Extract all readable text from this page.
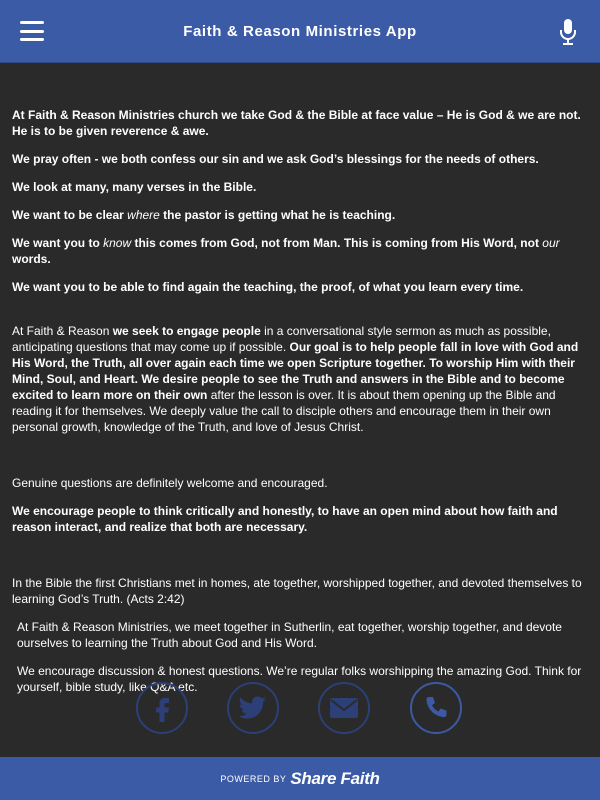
Faith & Reason Ministries App

At Faith & Reason Ministries church we take God & the Bible at face value – He is God & we are not. He is to be given reverence & awe.

We pray often - we both confess our sin and we ask God’s blessings for the needs of others.

We look at many, many verses in the Bible.

We want to be clear where the pastor is getting what he is teaching.

We want you to know this comes from God, not from Man. This is coming from His Word, not our words.

We want you to be able to find again the teaching, the proof, of what you learn every time.

At Faith & Reason we seek to engage people in a conversational style sermon as much as possible, anticipating questions that may come up if possible. Our goal is to help people fall in love with God and His Word, the Truth, all over again each time we open Scripture together. To worship Him with their Mind, Soul, and Heart. We desire people to see the Truth and answers in the Bible and to become excited to learn more on their own after the lesson is over. It is about them opening up the Bible and reading it for themselves. We deeply value the call to disciple others and encourage them in their own personal growth, knowledge of the Truth, and love of Jesus Christ.

Genuine questions are definitely welcome and encouraged.

We encourage people to think critically and honestly, to have an open mind about how faith and reason interact, and realize that both are necessary.

In the Bible the first Christians met in homes, ate together, worshipped together, and devoted themselves to learning God’s Truth. (Acts 2:42)

At Faith & Reason Ministries, we meet together in Sutherlin, eat together, worship together, and devote ourselves to learning the Truth about God and His Word.

We encourage discussion & honest questions. We’re regular folks worshipping the amazing God. Think for yourself, bible study, like Q&A etc.

POWERED BY Share Faith
